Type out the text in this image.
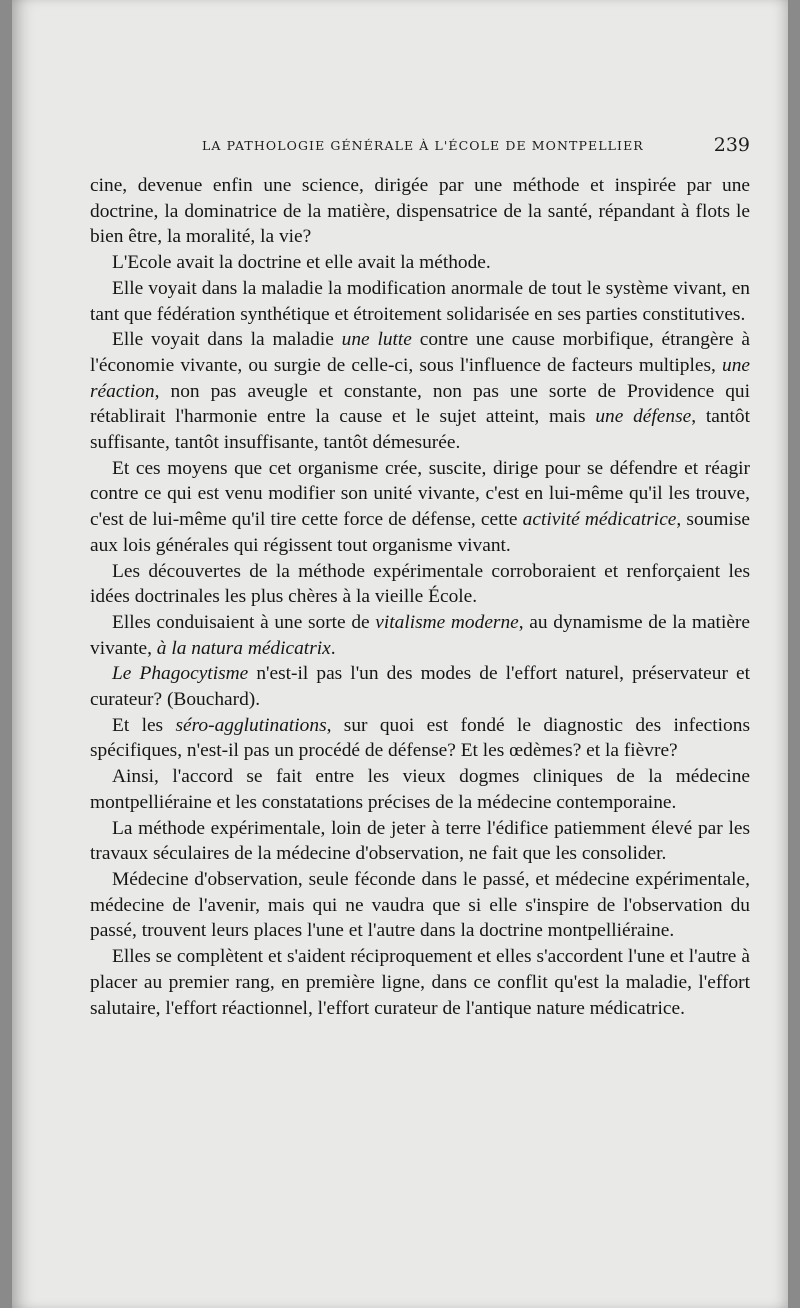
LA PATHOLOGIE GÉNÉRALE À L'ÉCOLE DE MONTPELLIER	239

cine, devenue enfin une science, dirigée par une méthode et inspirée par une doctrine, la dominatrice de la matière, dispensatrice de la santé, répandant à flots le bien être, la moralité, la vie?

L'Ecole avait la doctrine et elle avait la méthode.

Elle voyait dans la maladie la modification anormale de tout le système vivant, en tant que fédération synthétique et étroitement solidarisée en ses parties constitutives.

Elle voyait dans la maladie une lutte contre une cause morbifique, étrangère à l'économie vivante, ou surgie de celle-ci, sous l'influence de facteurs multiples, une réaction, non pas aveugle et constante, non pas une sorte de Providence qui rétablirait l'harmonie entre la cause et le sujet atteint, mais une défense, tantôt suffisante, tantôt insuffisante, tantôt démesurée.

Et ces moyens que cet organisme crée, suscite, dirige pour se défendre et réagir contre ce qui est venu modifier son unité vivante, c'est en lui-même qu'il les trouve, c'est de lui-même qu'il tire cette force de défense, cette activité médicatrice, soumise aux lois générales qui régissent tout organisme vivant.

Les découvertes de la méthode expérimentale corroboraient et renforçaient les idées doctrinales les plus chères à la vieille École.

Elles conduisaient à une sorte de vitalisme moderne, au dynamisme de la matière vivante, à la natura médicatrix.

Le Phagocytisme n'est-il pas l'un des modes de l'effort naturel, préservateur et curateur? (Bouchard).

Et les séro-agglutinations, sur quoi est fondé le diagnostic des infections spécifiques, n'est-il pas un procédé de défense? Et les œdèmes? et la fièvre?

Ainsi, l'accord se fait entre les vieux dogmes cliniques de la médecine montpelliéraine et les constatations précises de la médecine contemporaine.

La méthode expérimentale, loin de jeter à terre l'édifice patiemment élevé par les travaux séculaires de la médecine d'observation, ne fait que les consolider.

Médecine d'observation, seule féconde dans le passé, et médecine expérimentale, médecine de l'avenir, mais qui ne vaudra que si elle s'inspire de l'observation du passé, trouvent leurs places l'une et l'autre dans la doctrine montpelliéraine.

Elles se complètent et s'aident réciproquement et elles s'accordent l'une et l'autre à placer au premier rang, en première ligne, dans ce conflit qu'est la maladie, l'effort salutaire, l'effort réactionnel, l'effort curateur de l'antique nature médicatrice.
